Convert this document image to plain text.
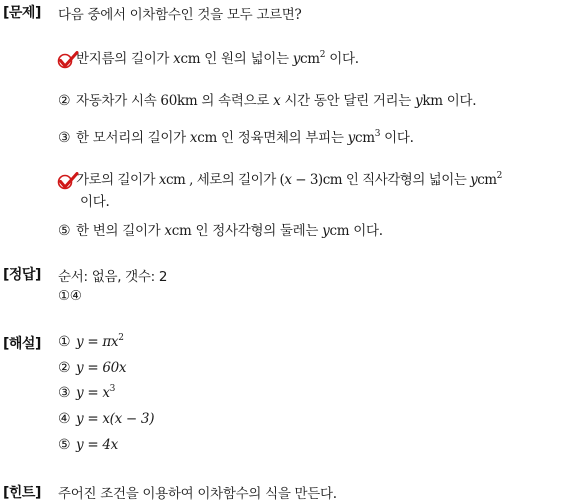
[문제] 다음 중에서 이차함수인 것을 모두 고르면?
반지름의 길이가 xcm 인 원의 넓이는 ycm$^2$ 이다.
② 자동차가 시속 60km 의 속력으로 x 시간 동안 달린 거리는 ykm 이다.
③ 한 모서리의 길이가 xcm 인 정육면체의 부피는 ycm$^3$ 이다.
가로의 길이가 xcm , 세로의 길이가 (x − 3)cm 인 직사각형의 넓이는 ycm$^2$
이다.
⑤ 한 변의 길이가 xcm 인 정사각형의 둘레는 ycm 이다.
[정답] 순서: 없음, 갯수: 2
①④
[해설] ① $y = \pi x^2$
② y = 60x
③ $y = x^3$
④ y = x(x − 3)
⑤ y = 4x
[힌트] 주어진 조건을 이용하여 이차함수의 식을 만든다.
